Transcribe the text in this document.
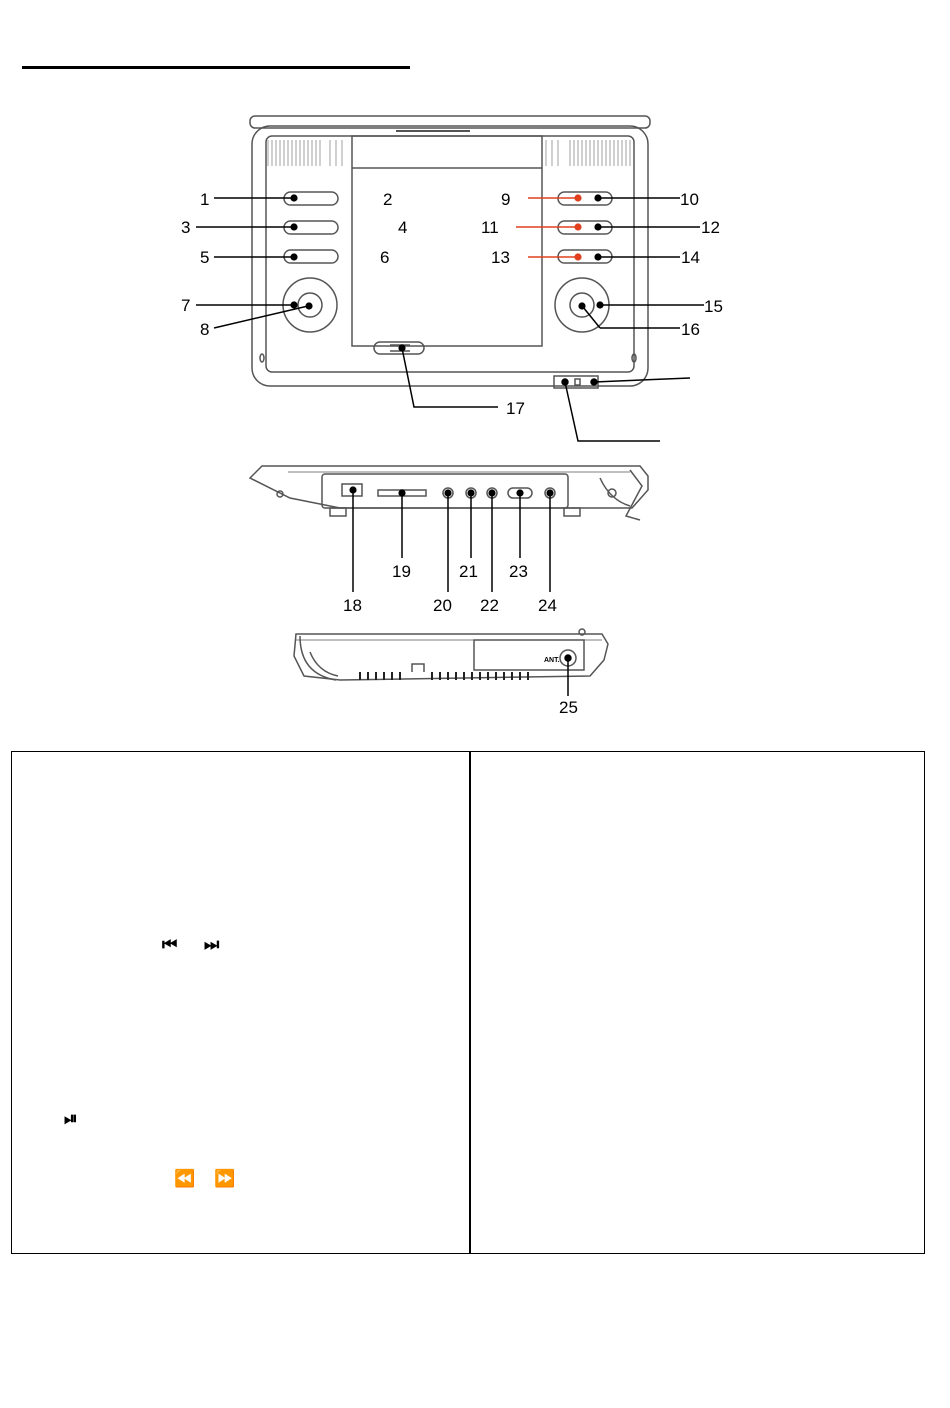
ANT.
1	2
3	4
5	6
7
8
9	10
11	12
13	14
15
16
17
19	21 23
18	20 22 24
25
⏮ ⏭
⏯
⏪ ⏩
